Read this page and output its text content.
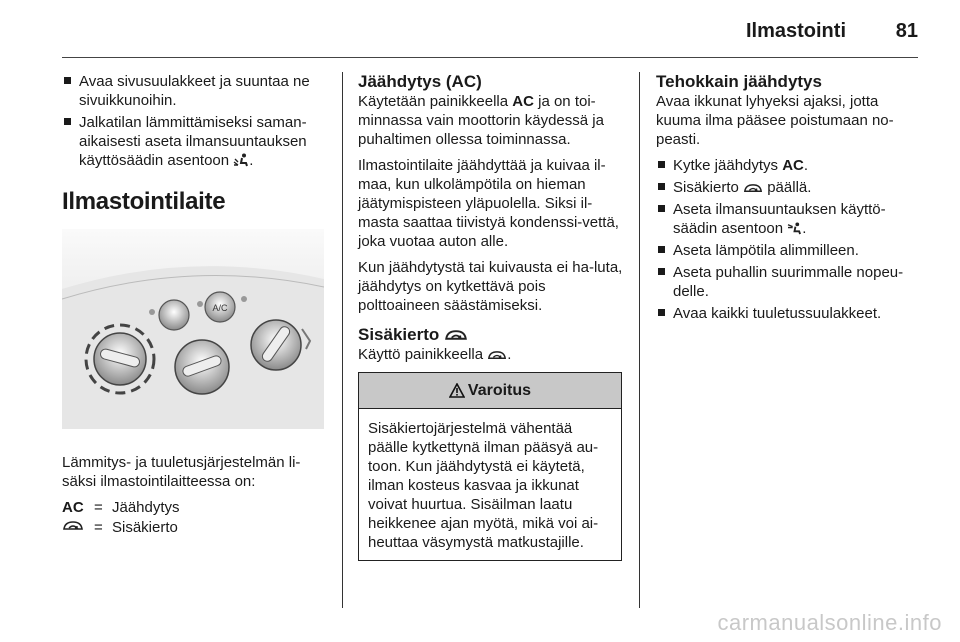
Ilmastointi 81
Avaa sivusuulakkeet ja suuntaa ne sivuikkunoihin.
Jalkatilan lämmittämiseksi saman-aikaisesti aseta ilmansuuntauksen käyttösäädin asentoon .
Ilmastointilaite
A/C

Lämmitys- ja tuuletusjärjestelmän li-säksi ilmastointilaitteessa on:

AC = Jäähdytys
= Sisäkierto
Jäähdytys (AC)

Käytetään painikkeella AC ja on toi-minnassa vain moottorin käydessä ja puhaltimen ollessa toiminnassa.

Ilmastointilaite jäähdyttää ja kuivaa il-maa, kun ulkolämpötila on hieman jäätymispisteen yläpuolella. Siksi il-masta saattaa tiivistyä kondenssi-vettä, joka vuotaa auton alle.

Kun jäähdytystä tai kuivausta ei ha-luta, jäähdytys on kytkettävä pois polttoaineen säästämiseksi.

Sisäkierto

Käyttö painikkeella .

Varoitus
Sisäkiertojärjestelmä vähentää päälle kytkettynä ilman pääsyä au-toon. Kun jäähdytystä ei käytetä, ilman kosteus kasvaa ja ikkunat voivat huurtua. Sisäilman laatu heikkenee ajan myötä, mikä voi ai-heuttaa väsymystä matkustajille.
Tehokkain jäähdytys

Avaa ikkunat lyhyeksi ajaksi, jotta kuuma ilma pääsee poistumaan no-peasti.

Kytke jäähdytys AC.
Sisäkierto päällä.
Aseta ilmansuuntauksen käyttö-säädin asentoon .
Aseta lämpötila alimmilleen.
Aseta puhallin suurimmalle nopeu-delle.
Avaa kaikki tuuletussuulakkeet.
carmanualsonline.info
